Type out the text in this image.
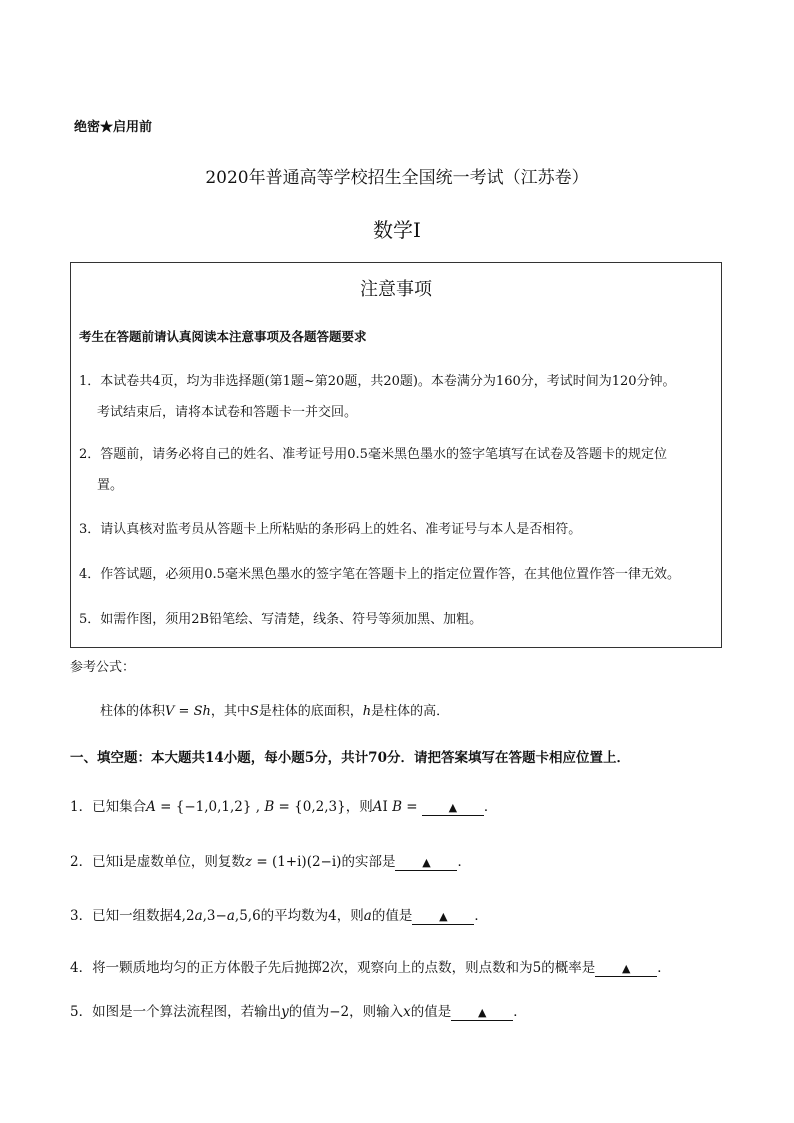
绝密★启用前
2020年普通高等学校招生全国统一考试（江苏卷）
数学Ⅰ
注意事项
考生在答题前请认真阅读本注意事项及各题答题要求
1．本试卷共4页，均为非选择题(第1题~第20题，共20题)。本卷满分为160分，考试时间为120分钟。
考试结束后，请将本试卷和答题卡一并交回。
2．答题前，请务必将自己的姓名、准考证号用0.5毫米黑色墨水的签字笔填写在试卷及答题卡的规定位
置。
3．请认真核对监考员从答题卡上所粘贴的条形码上的姓名、准考证号与本人是否相符。
4．作答试题，必须用0.5毫米黑色墨水的签字笔在答题卡上的指定位置作答，在其他位置作答一律无效。
5．如需作图，须用2B铅笔绘、写清楚，线条、符号等须加黑、加粗。
参考公式：
柱体的体积V = Sh，其中S是柱体的底面积，h是柱体的高．
一、填空题：本大题共14小题，每小题5分，共计70分．请把答案填写在答题卡相应位置上．
1．已知集合A = {−1,0,1,2} , B = {0,2,3}，则AI B = ▲ ．
2．已知i是虚数单位，则复数z = (1+i)(2−i)的实部是 ▲ ．
3．已知一组数据4,2a,3−a,5,6的平均数为4，则a的值是 ▲ ．
4．将一颗质地均匀的正方体骰子先后抛掷2次，观察向上的点数，则点数和为5的概率是 ▲ ．
5．如图是一个算法流程图，若输出y的值为−2，则输入x的值是 ▲ ．
